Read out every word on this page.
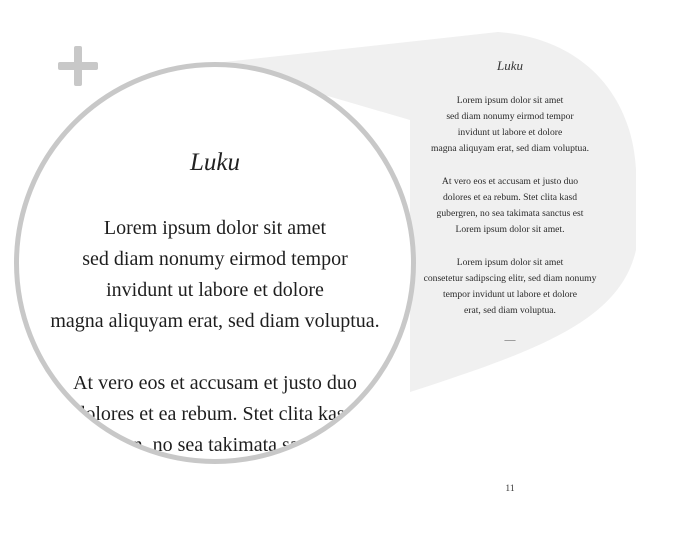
Luku
Lorem ipsum dolor sit amet
sed diam nonumy eirmod tempor
invidunt ut labore et dolore
magna aliquyam erat, sed diam voluptua.
At vero eos et accusam et justo duo
dolores et ea rebum. Stet clita kasd
gubergren, no sea takimata sanctus est
Lorem ipsum dolor sit amet.
Lorem ipsum dolor sit amet
consetetur sadipscing elitr, sed diam nonumy
tempor invidunt ut labore et dolore
erat, sed diam voluptua.
—
11
Luku
Lorem ipsum dolor sit amet
sed diam nonumy eirmod tempor
invidunt ut labore et dolore
magna aliquyam erat, sed diam voluptua.
At vero eos et accusam et justo duo
dolores et ea rebum. Stet clita kasd
gubergren, no sea takimata sanctus est
